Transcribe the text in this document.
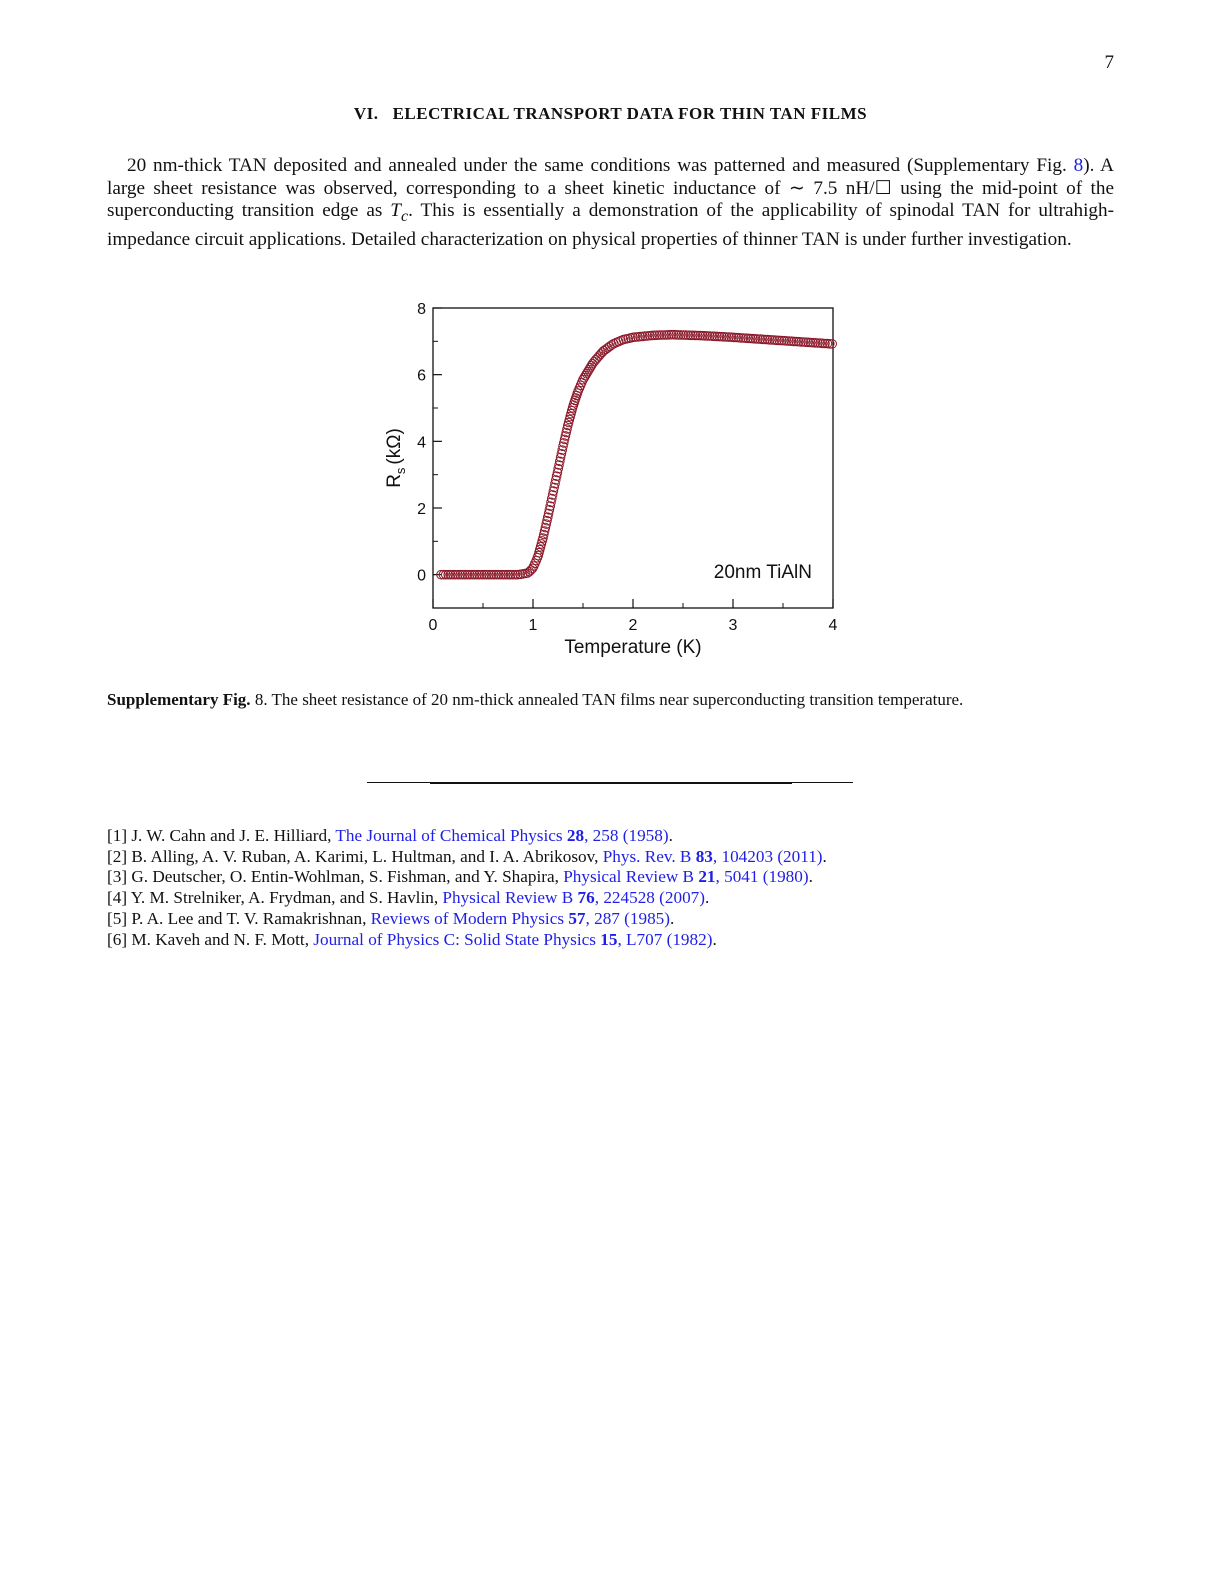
7
VI. ELECTRICAL TRANSPORT DATA FOR THIN TAN FILMS
20 nm-thick TAN deposited and annealed under the same conditions was patterned and measured (Supplementary Fig. 8). A large sheet resistance was observed, corresponding to a sheet kinetic inductance of ∼ 7.5 nH/☐ using the mid-point of the superconducting transition edge as $T_c$. This is essentially a demonstration of the applicability of spinodal TAN for ultrahigh-impedance circuit applications. Detailed characterization on physical properties of thinner TAN is under further investigation.
0	1	2	3	4
0
2
4
6
8
20nm TiAlN
Temperature (K)
$R_s(k\Omega)$
Supplementary Fig. 8. The sheet resistance of 20 nm-thick annealed TAN films near superconducting transition temperature.
[1] J. W. Cahn and J. E. Hilliard, The Journal of Chemical Physics 28, 258 (1958).
[2] B. Alling, A. V. Ruban, A. Karimi, L. Hultman, and I. A. Abrikosov, Phys. Rev. B 83, 104203 (2011).
[3] G. Deutscher, O. Entin-Wohlman, S. Fishman, and Y. Shapira, Physical Review B 21, 5041 (1980).
[4] Y. M. Strelniker, A. Frydman, and S. Havlin, Physical Review B 76, 224528 (2007).
[5] P. A. Lee and T. V. Ramakrishnan, Reviews of Modern Physics 57, 287 (1985).
[6] M. Kaveh and N. F. Mott, Journal of Physics C: Solid State Physics 15, L707 (1982).
